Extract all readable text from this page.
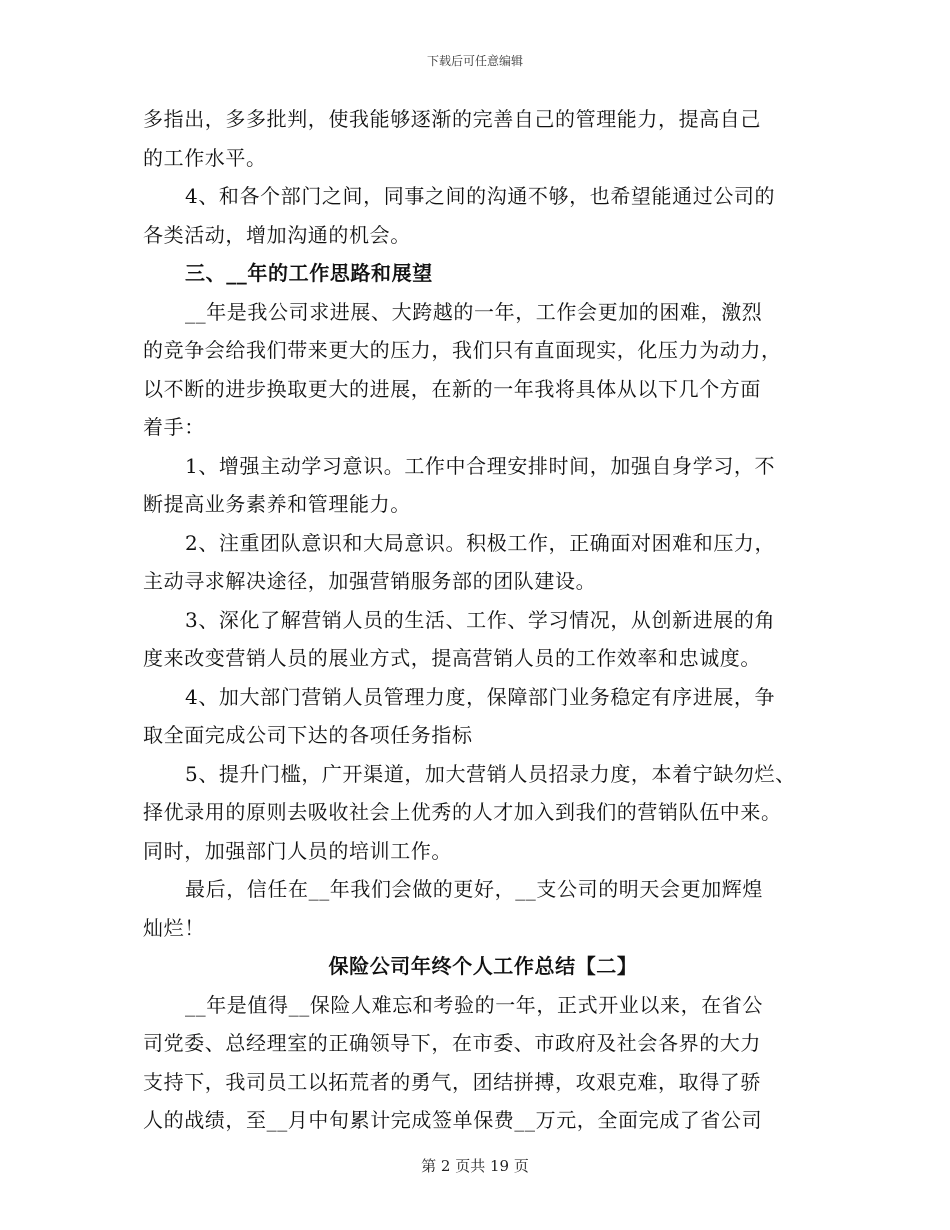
下载后可任意编辑
多指出，多多批判，使我能够逐渐的完善自己的管理能力，提高自己
的工作水平。
4、和各个部门之间，同事之间的沟通不够，也希望能通过公司的
各类活动，增加沟通的机会。
三、__年的工作思路和展望
__年是我公司求进展、大跨越的一年，工作会更加的困难，激烈
的竞争会给我们带来更大的压力，我们只有直面现实，化压力为动力，
以不断的进步换取更大的进展，在新的一年我将具体从以下几个方面
着手：
1、增强主动学习意识。工作中合理安排时间，加强自身学习，不
断提高业务素养和管理能力。
2、注重团队意识和大局意识。积极工作，正确面对困难和压力，
主动寻求解决途径，加强营销服务部的团队建设。
3、深化了解营销人员的生活、工作、学习情况，从创新进展的角
度来改变营销人员的展业方式，提高营销人员的工作效率和忠诚度。
4、加大部门营销人员管理力度，保障部门业务稳定有序进展，争
取全面完成公司下达的各项任务指标
5、提升门槛，广开渠道，加大营销人员招录力度，本着宁缺勿烂、
择优录用的原则去吸收社会上优秀的人才加入到我们的营销队伍中来。
同时，加强部门人员的培训工作。
最后，信任在__年我们会做的更好，__支公司的明天会更加辉煌
灿烂！
保险公司年终个人工作总结【二】
__年是值得__保险人难忘和考验的一年，正式开业以来，在省公
司党委、总经理室的正确领导下，在市委、市政府及社会各界的大力
支持下，我司员工以拓荒者的勇气，团结拼搏，攻艰克难，取得了骄
人的战绩，至__月中旬累计完成签单保费__万元，全面完成了省公司
第 2 页共 19 页
